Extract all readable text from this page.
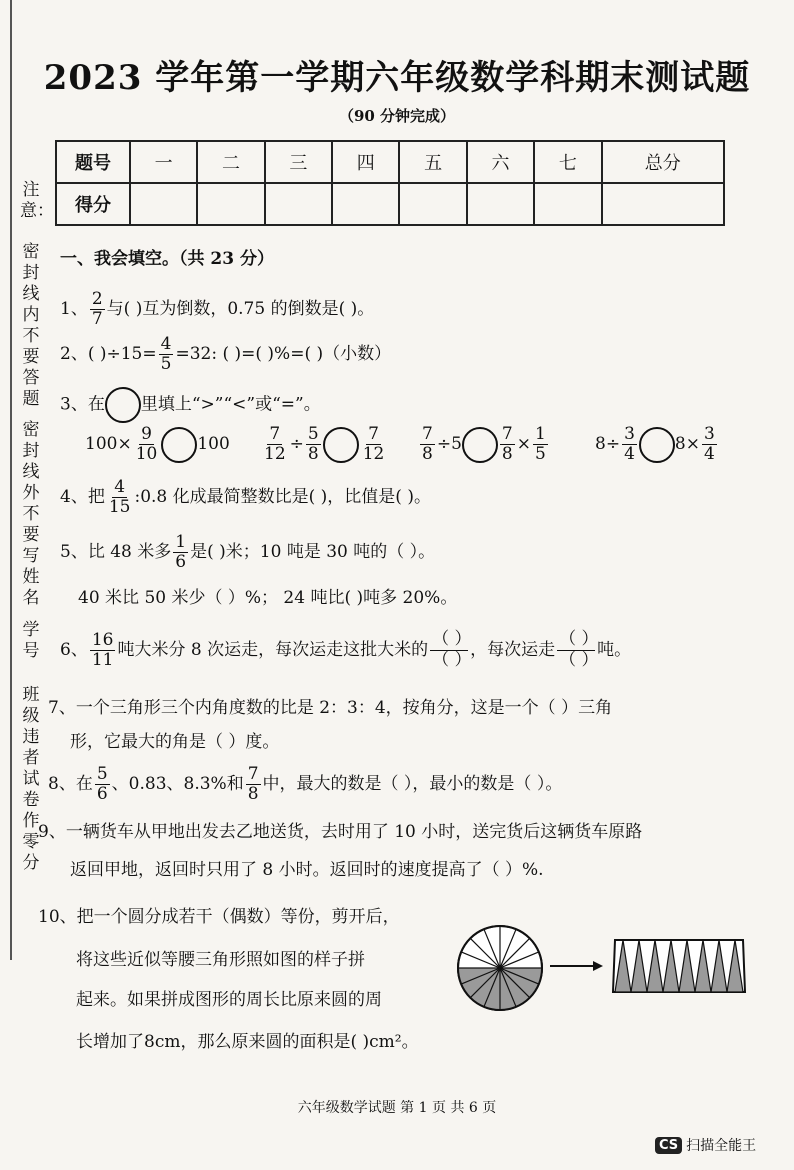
注意：
密封线内不要答题
密封线外不要写姓名
学号
班级违者试卷作零分
2023 学年第一学期六年级数学科期末测试题
（90 分钟完成）
题号	一	二	三	四	五	六	七	总分
得分								
一、我会填空。（共 23 分）
1、 $\frac{2}{7}$ 与( )互为倒数，0.75 的倒数是( )。
2、( )$\div 15= \frac{4}{5} =32$: ( )=( )%=( )（小数）
3、在 里填上“>”“<”或“=”。
$100\times \frac{9}{10} 100 \frac{7}{12} \div \frac{5}{8} \frac{7}{12} \frac{7}{8} \div 5 \frac{7}{8} \times \frac{1}{5}$	$8\div \frac{3}{4} 8\times \frac{3}{4}$
4、把 $\frac{4}{15}$ :0.8 化成最简整数比是( )，比值是( )。
5、比 48 米多 $\frac{1}{6}$ 是( )米；10 吨是 30 吨的（ ）。
40 米比 50 米少（ ）%； 24 吨比( )吨多 20%。
6、 $\frac{16}{11}$ 吨大米分 8 次运走，每次运走这批大米的 $\frac{( )}{( )}$ ，每次运走 $\frac{( )}{( )}$ 吨。
7、一个三角形三个内角度数的比是 2：3：4，按角分，这是一个（ ）三角
形，它最大的角是（ ）度。
8、在 $\frac{5}{6}$ 、0.83、8.3%和 $\frac{7}{8}$ 中，最大的数是（ ），最小的数是（ ）。
9、一辆货车从甲地出发去乙地送货，去时用了 10 小时，送完货后这辆货车原路
返回甲地，返回时只用了 8 小时。返回时的速度提高了（ ）%.
10、把一个圆分成若干（偶数）等份，剪开后，
将这些近似等腰三角形照如图的样子拼
起来。如果拼成图形的周长比原来圆的周
长增加了8cm，那么原来圆的面积是( )cm²。
六年级数学试题 第 1 页 共 6 页
CS 扫描全能王
